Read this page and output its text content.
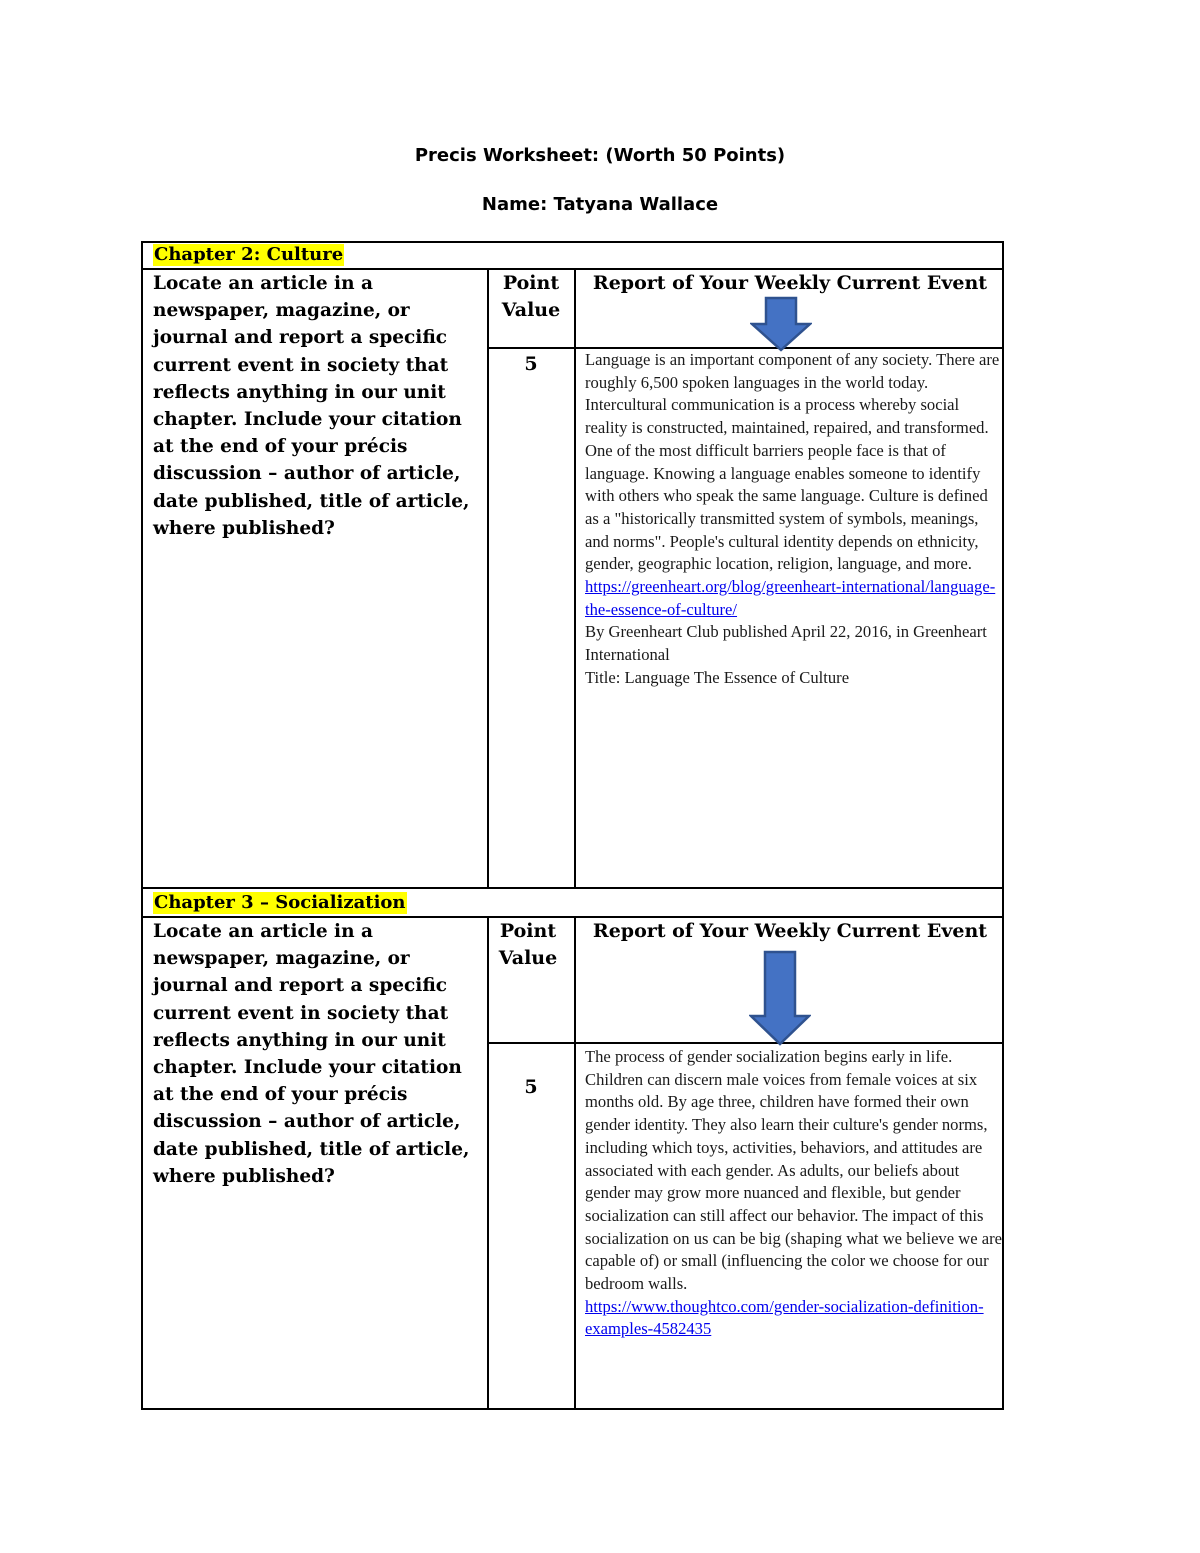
Precis Worksheet: (Worth 50 Points)
Name: Tatyana Wallace
Chapter 2: Culture
Locate an article in a newspaper, magazine, or journal and report a specific current event in society that reflects anything in our unit chapter. Include your citation at the end of your précis discussion – author of article, date published, title of article, where published?
Point Value
Report of Your Weekly Current Event
5	Language is an important component of any society. There are roughly 6,500 spoken languages in the world today. Intercultural communication is a process whereby social reality is constructed, maintained, repaired, and transformed. One of the most difficult barriers people face is that of language. Knowing a language enables someone to identify with others who speak the same language. Culture is defined as a "historically transmitted system of symbols, meanings, and norms". People's cultural identity depends on ethnicity, gender, geographic location, religion, language, and more.

https://greenheart.org/blog/greenheart-international/language-the-essence-of-culture/

By Greenheart Club published April 22, 2016, in Greenheart International

Title: Language The Essence of Culture

Chapter 3 – Socialization
Locate an article in a newspaper, magazine, or journal and report a specific current event in society that reflects anything in our unit chapter. Include your citation at the end of your précis discussion – author of article, date published, title of article, where published?
Point Value
Report of Your Weekly Current Event
5

The process of gender socialization begins early in life. Children can discern male voices from female voices at six months old. By age three, children have formed their own gender identity. They also learn their culture's gender norms, including which toys, activities, behaviors, and attitudes are associated with each gender. As adults, our beliefs about gender may grow more nuanced and flexible, but gender socialization can still affect our behavior. The impact of this socialization on us can be big (shaping what we believe we are capable of) or small (influencing the color we choose for our bedroom walls.

https://www.thoughtco.com/gender-socialization-definition-examples-4582435
